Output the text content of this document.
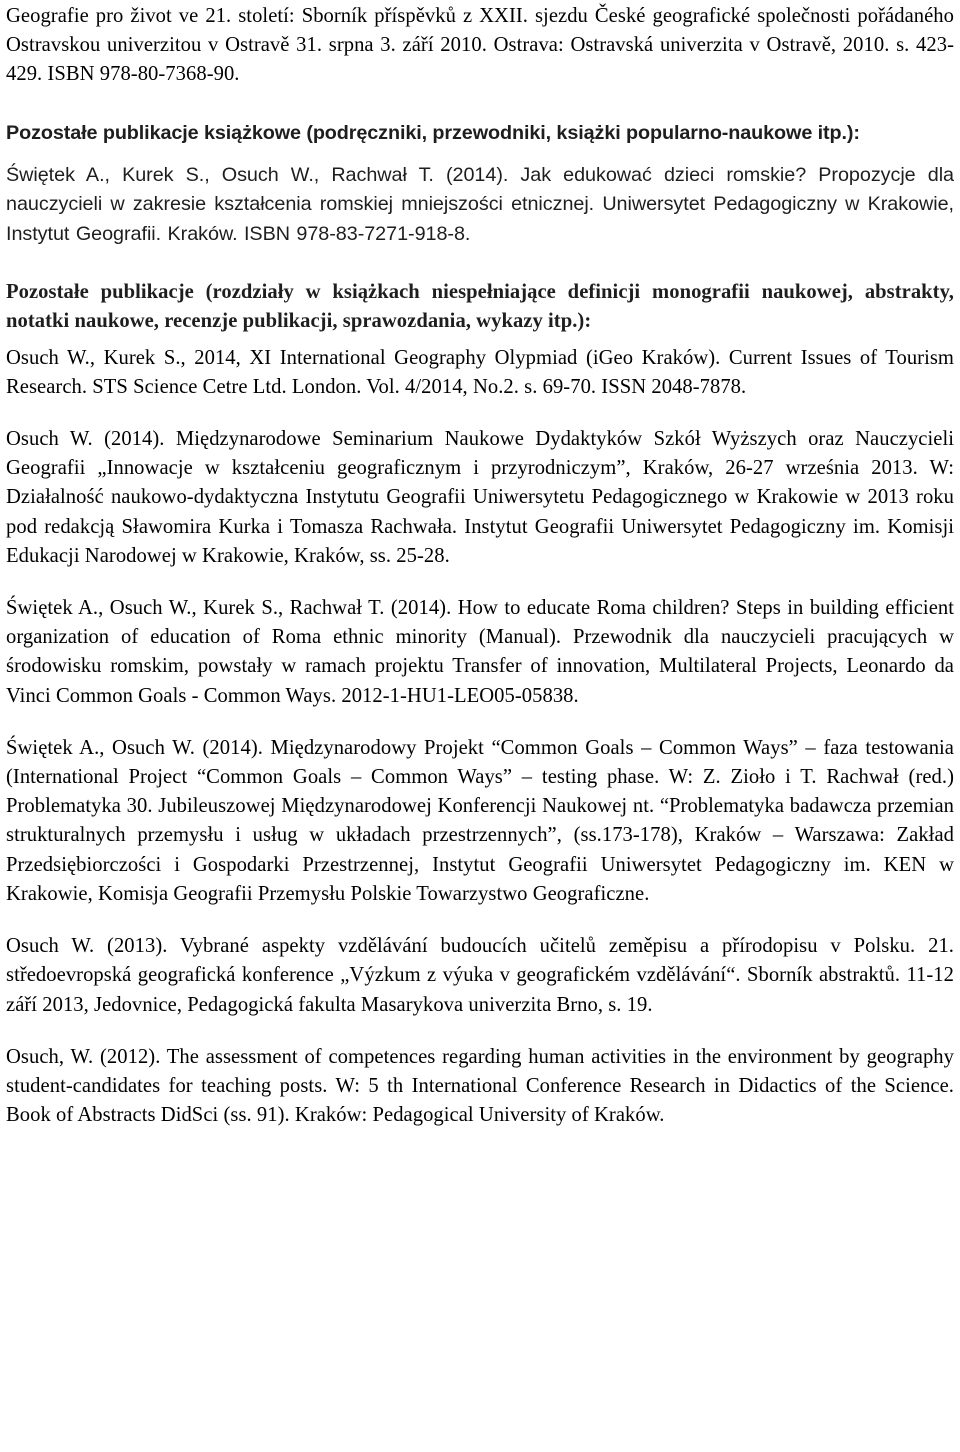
Geografie pro život ve 21. století: Sborník příspěvků z XXII. sjezdu České geografické společnosti pořádaného Ostravskou univerzitou v Ostravě 31. srpna 3. září 2010. Ostrava: Ostravská univerzita v Ostravě, 2010. s. 423-429. ISBN 978-80-7368-90.

Pozostałe publikacje książkowe (podręczniki, przewodniki, książki popularno-naukowe itp.):

Świętek A., Kurek S., Osuch W., Rachwał T. (2014). Jak edukować dzieci romskie? Propozycje dla nauczycieli w zakresie kształcenia romskiej mniejszości etnicznej. Uniwersytet Pedagogiczny w Krakowie, Instytut Geografii. Kraków. ISBN 978-83-7271-918-8.

Pozostałe publikacje (rozdziały w książkach niespełniające definicji monografii naukowej, abstrakty, notatki naukowe, recenzje publikacji, sprawozdania, wykazy itp.):

Osuch W., Kurek S., 2014, XI International Geography Olypmiad (iGeo Kraków). Current Issues of Tourism Research. STS Science Cetre Ltd. London. Vol. 4/2014, No.2. s. 69-70. ISSN 2048-7878.

Osuch W. (2014). Międzynarodowe Seminarium Naukowe Dydaktyków Szkół Wyższych oraz Nauczycieli Geografii „Innowacje w kształceniu geograficznym i przyrodniczym”, Kraków, 26-27 września 2013. W: Działalność naukowo-dydaktyczna Instytutu Geografii Uniwersytetu Pedagogicznego w Krakowie w 2013 roku pod redakcją Sławomira Kurka i Tomasza Rachwała. Instytut Geografii Uniwersytet Pedagogiczny im. Komisji Edukacji Narodowej w Krakowie, Kraków, ss. 25-28.

Świętek A., Osuch W., Kurek S., Rachwał T. (2014). How to educate Roma children? Steps in building efficient organization of education of Roma ethnic minority (Manual). Przewodnik dla nauczycieli pracujących w środowisku romskim, powstały w ramach projektu Transfer of innovation, Multilateral Projects, Leonardo da Vinci Common Goals - Common Ways. 2012-1-HU1-LEO05-05838.

Świętek A., Osuch W. (2014). Międzynarodowy Projekt “Common Goals – Common Ways” – faza testowania (International Project “Common Goals – Common Ways” – testing phase. W: Z. Zioło i T. Rachwał (red.) Problematyka 30. Jubileuszowej Międzynarodowej Konferencji Naukowej nt. “Problematyka badawcza przemian strukturalnych przemysłu i usług w układach przestrzennych”, (ss.173-178), Kraków – Warszawa: Zakład Przedsiębiorczości i Gospodarki Przestrzennej, Instytut Geografii Uniwersytet Pedagogiczny im. KEN w Krakowie, Komisja Geografii Przemysłu Polskie Towarzystwo Geograficzne.

Osuch W. (2013). Vybrané aspekty vzdělávání budoucích učitelů zeměpisu a přírodopisu v Polsku. 21. středoevropská geografická konference „Výzkum z výuka v geografickém vzdělávání“. Sborník abstraktů. 11-12 září 2013, Jedovnice, Pedagogická fakulta Masarykova univerzita Brno, s. 19.

Osuch, W. (2012). The assessment of competences regarding human activities in the environment by geography student-candidates for teaching posts. W: 5 th International Conference Research in Didactics of the Science. Book of Abstracts DidSci (ss. 91). Kraków: Pedagogical University of Kraków.
